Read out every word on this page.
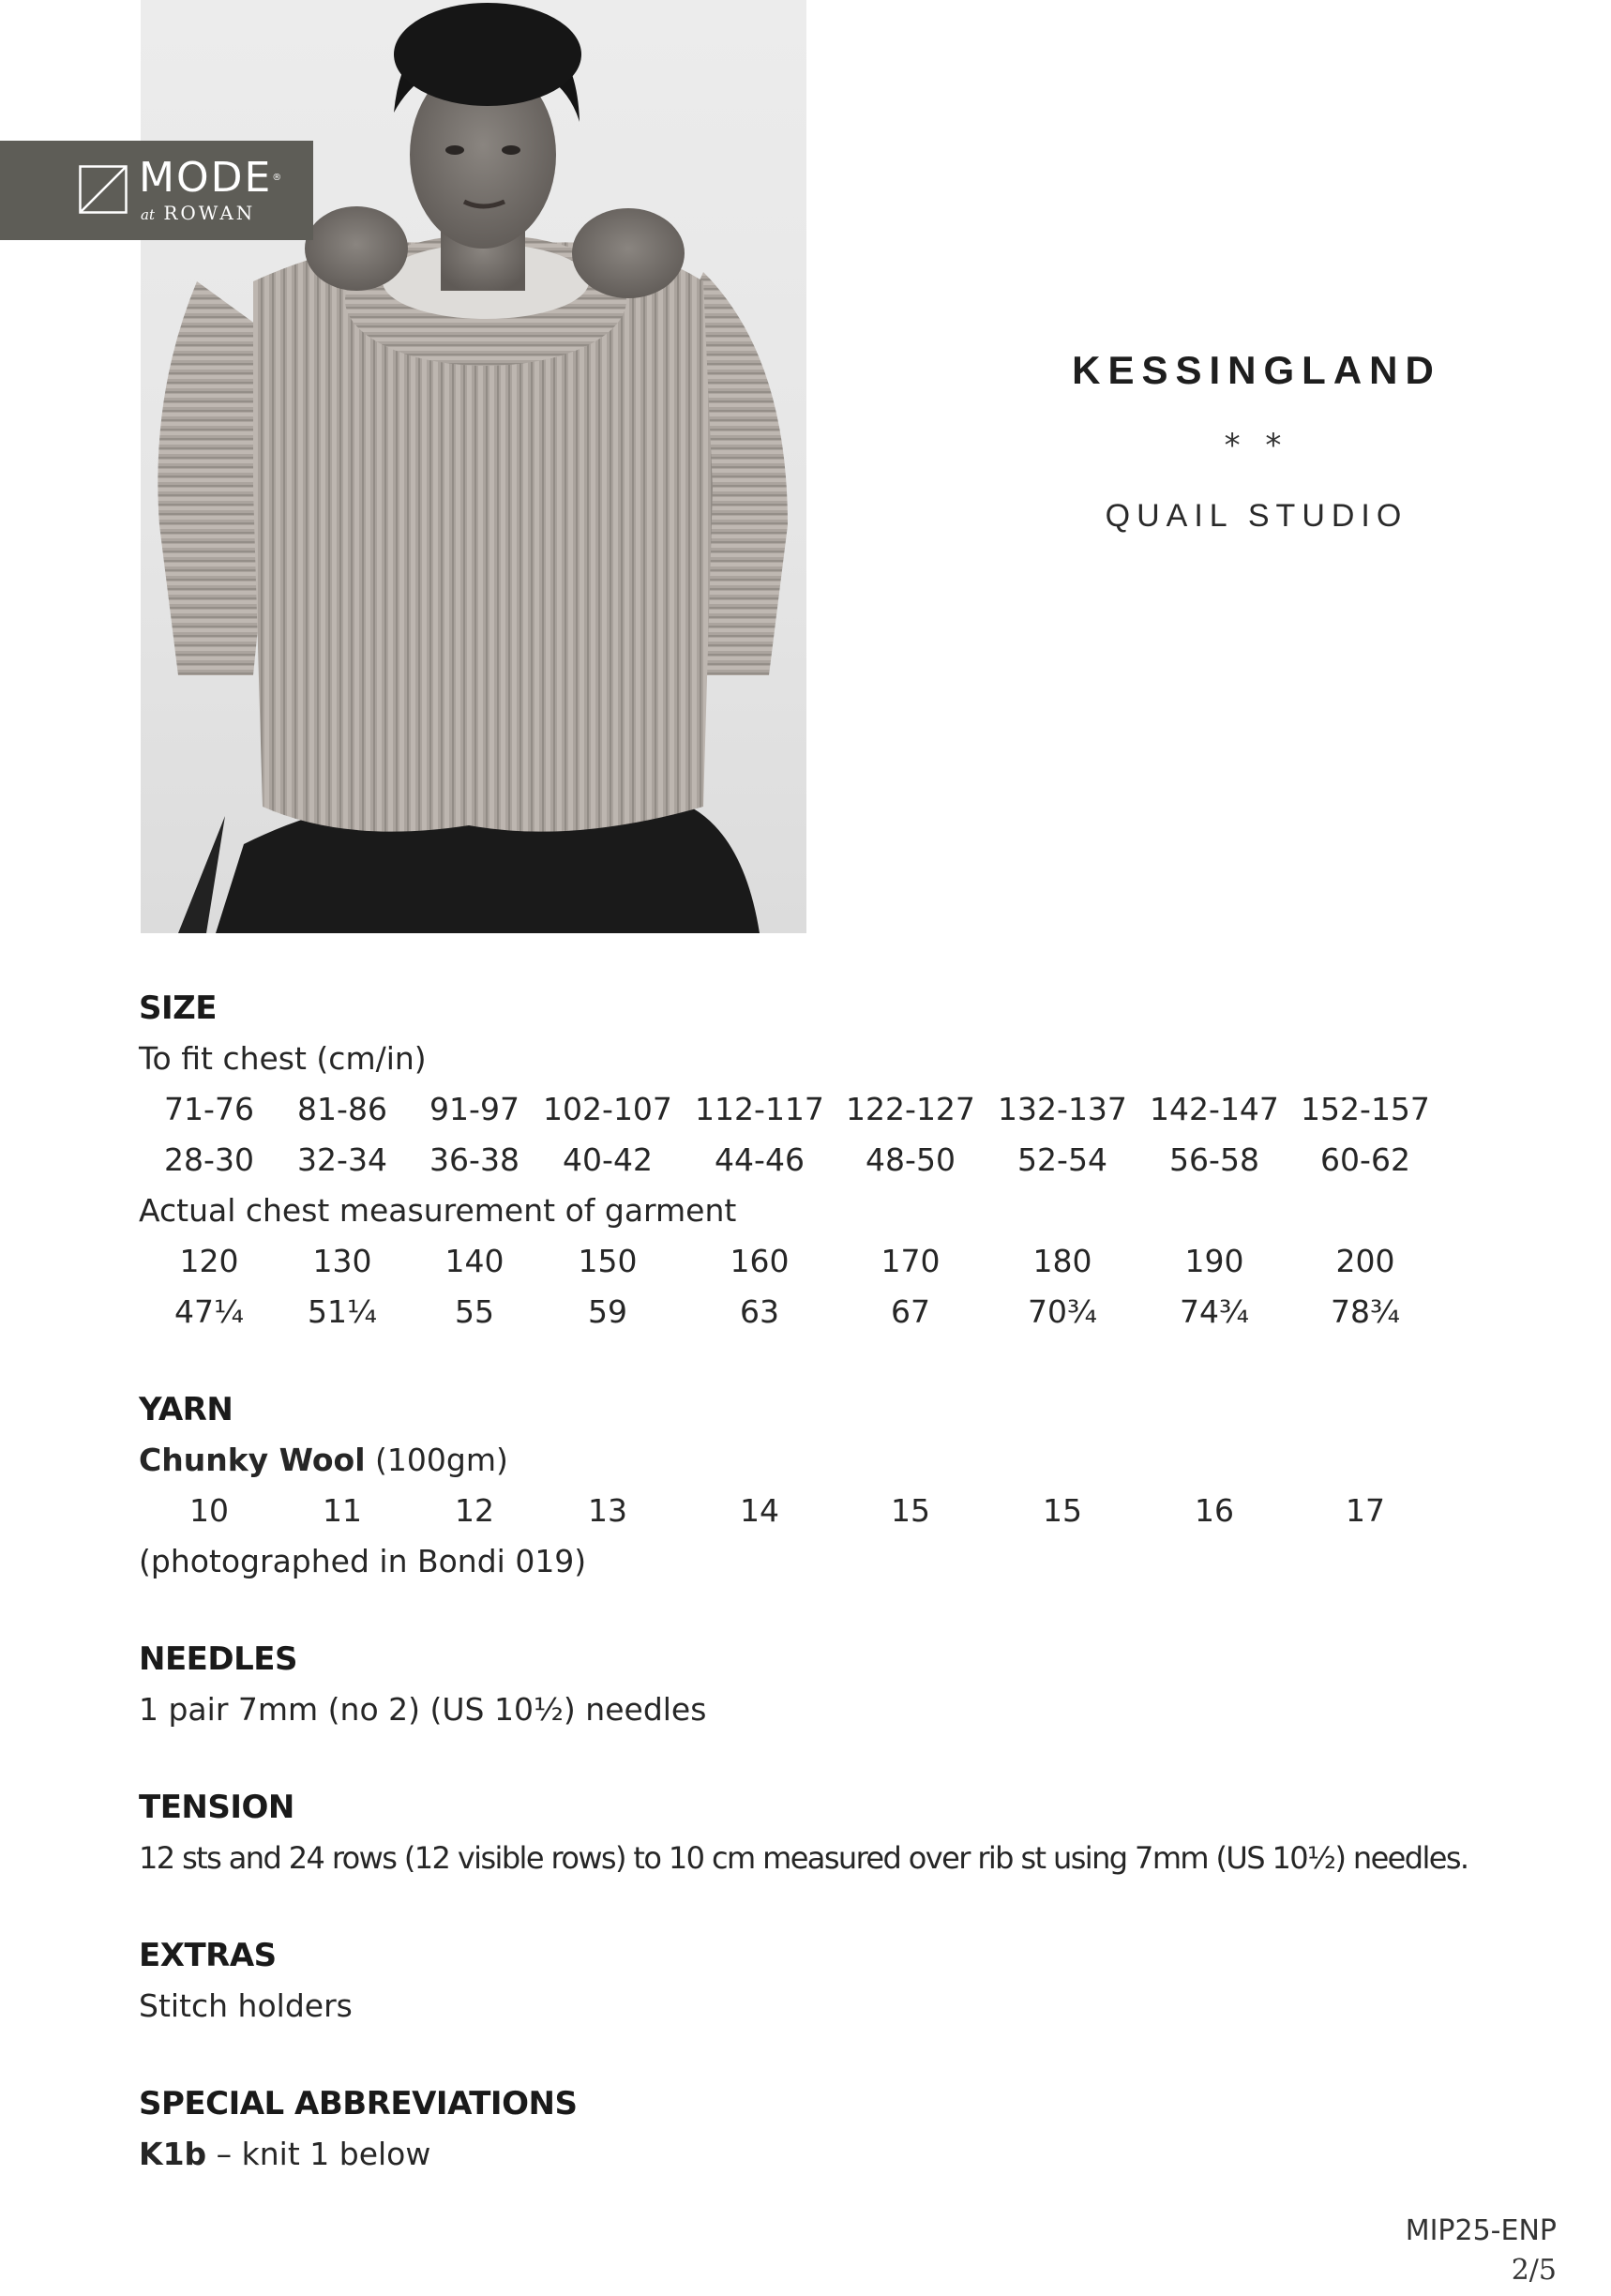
MODE®
at ROWAN
KESSINGLAND
* *
QUAIL STUDIO
SIZE
To fit chest (cm/in)
71-76	81-86	91-97 102-107 112-117 122-127 132-137 142-147 152-157
28-30	32-34	36-38	40-42	44-46	48-50	52-54	56-58	60-62
Actual chest measurement of garment
120	130	140	150	160	170	180	190	200
47¼	51¼	55	59	63	67	70¾	74¾	78¾
YARN
Chunky Wool (100gm)
10	11	12	13	14	15	15	16	17
(photographed in Bondi 019)
NEEDLES
1 pair 7mm (no 2) (US 10½) needles
TENSION
12 sts and 24 rows (12 visible rows) to 10 cm measured over rib st using 7mm (US 10½) needles.
EXTRAS
Stitch holders
SPECIAL ABBREVIATIONS
K1b – knit 1 below
MIP25-ENP
2/5
